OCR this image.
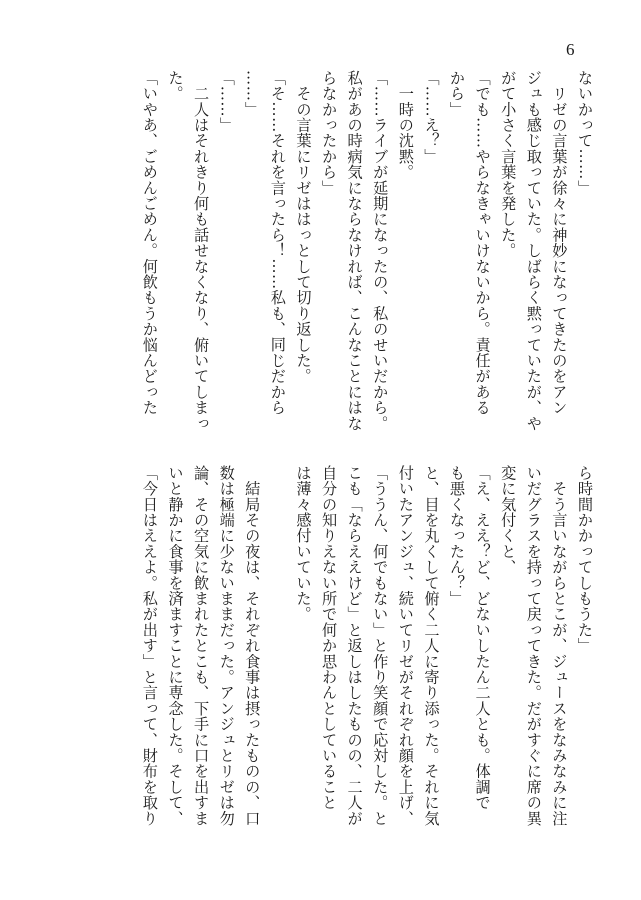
6
ないかって……」
　リゼの言葉が徐々に神妙になってきたのをアン
ジュも感じ取っていた。しばらく黙っていたが、や
がて小さく言葉を発した。
「でも……やらなきゃいけないから。責任がある
から」
「……え？」
　一時の沈黙。
「……ライブが延期になったの、私のせいだから。
私があの時病気にならなければ、こんなことにはな
らなかったから」
　その言葉にリゼははっとして切り返した。
「そ……それを言ったら！……私も、同じだから
……」
「……」
　二人はそれきり何も話せなくなり、俯いてしまっ
た。
「いやあ、ごめんごめん。何飲もうか悩んどった
ら時間かかってしもうた」
　そう言いながらとこが、ジュースをなみなみに注
いだグラスを持って戻ってきた。だがすぐに席の異
変に気付くと、
「え、ええ？ど、どないしたん二人とも。体調で
も悪くなったん？」
と、目を丸くして俯く二人に寄り添った。それに気
付いたアンジュ、続いてリゼがそれぞれ顔を上げ、
「ううん、何でもない」と作り笑顔で応対した。と
こも「ならええけど」と返しはしたものの、二人が
自分の知りえない所で何か思わんとしていること
は薄々感付いていた。

　結局その夜は、それぞれ食事は摂ったものの、口
数は極端に少ないままだった。アンジュとリゼは勿
論、その空気に飲まれたとこも、下手に口を出すま
いと静かに食事を済ますことに専念した。そして、
「今日はええよ。私が出す」と言って、財布を取り
